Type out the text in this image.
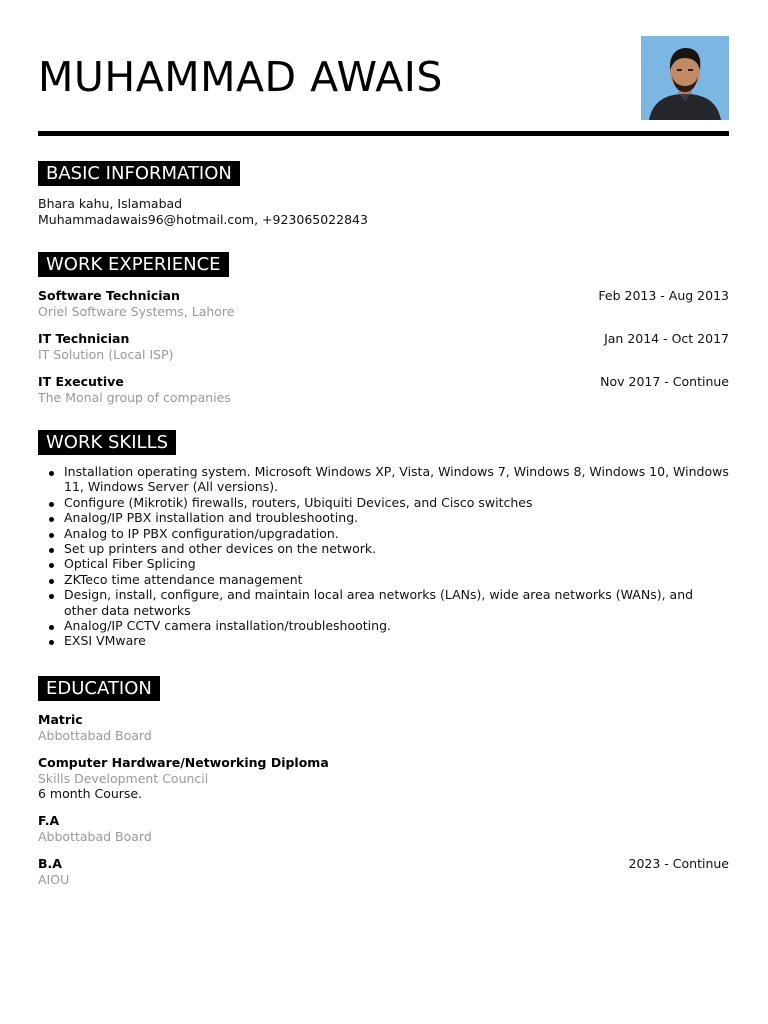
MUHAMMAD AWAIS
BASIC INFORMATION
Bhara kahu, Islamabad
Muhammadawais96@hotmail.com, +923065022843
WORK EXPERIENCE
Software Technician
Oriel Software Systems, Lahore
Feb 2013 - Aug 2013
IT Technician
IT Solution (Local ISP)
Jan 2014 - Oct 2017
IT Executive
The Monal group of companies
Nov 2017 - Continue
WORK SKILLS
Installation operating system. Microsoft Windows XP, Vista, Windows 7, Windows 8, Windows 10, Windows 11, Windows Server (All versions).
Configure (Mikrotik) firewalls, routers, Ubiquiti Devices, and Cisco switches
Analog/IP PBX installation and troubleshooting.
Analog to IP PBX configuration/upgradation.
Set up printers and other devices on the network.
Optical Fiber Splicing
ZKTeco time attendance management
Design, install, configure, and maintain local area networks (LANs), wide area networks (WANs), and other data networks
Analog/IP CCTV camera installation/troubleshooting.
EXSI VMware
EDUCATION
Matric
Abbottabad Board
Computer Hardware/Networking Diploma
Skills Development Council
6 month Course.
F.A
Abbottabad Board
B.A
AIOU
2023 - Continue
